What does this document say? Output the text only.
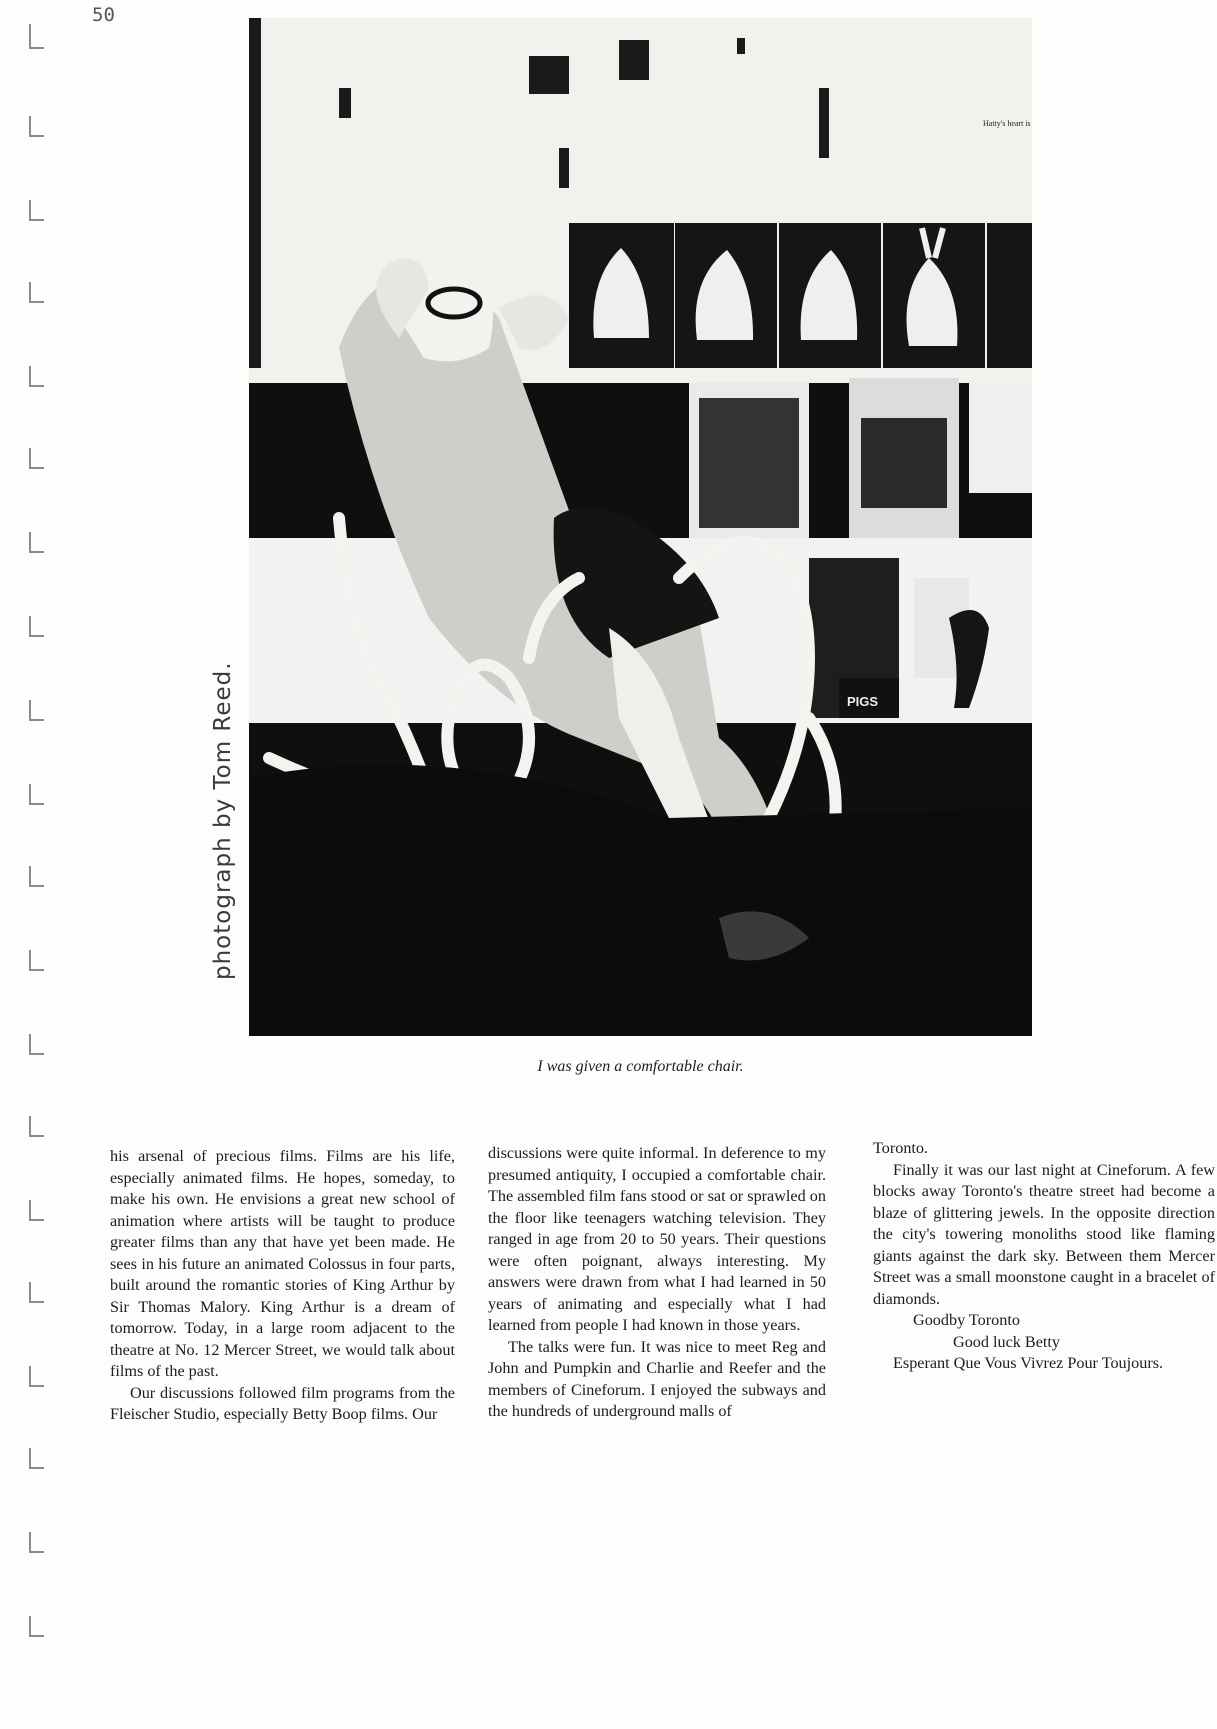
50
Hatty's heart is
PIGS
photograph by Tom Reed.
I was given a comfortable chair.

his arsenal of precious films. Films are his life, especially animated films. He hopes, someday, to make his own. He envisions a great new school of animation where artists will be taught to produce greater films than any that have yet been made. He sees in his future an animated Colossus in four parts, built around the romantic stories of King Arthur by Sir Thomas Malory. King Arthur is a dream of tomorrow. Today, in a large room adjacent to the theatre at No. 12 Mercer Street, we would talk about films of the past.

Our discussions followed film programs from the Fleischer Studio, especially Betty Boop films. Our

discussions were quite informal. In deference to my presumed antiquity, I occupied a comfortable chair. The assembled film fans stood or sat or sprawled on the floor like teenagers watching television. They ranged in age from 20 to 50 years. Their questions were often poignant, always interesting. My answers were drawn from what I had learned in 50 years of animating and especially what I had learned from people I had known in those years.

The talks were fun. It was nice to meet Reg and John and Pumpkin and Charlie and Reefer and the members of Cineforum. I enjoyed the subways and the hundreds of underground malls of

Toronto.

Finally it was our last night at Cineforum. A few blocks away Toronto's theatre street had become a blaze of glittering jewels. In the opposite direction the city's towering monoliths stood like flaming giants against the dark sky. Between them Mercer Street was a small moonstone caught in a bracelet of diamonds.

Goodby Toronto

Good luck Betty

Esperant Que Vous Vivrez Pour Toujours.
